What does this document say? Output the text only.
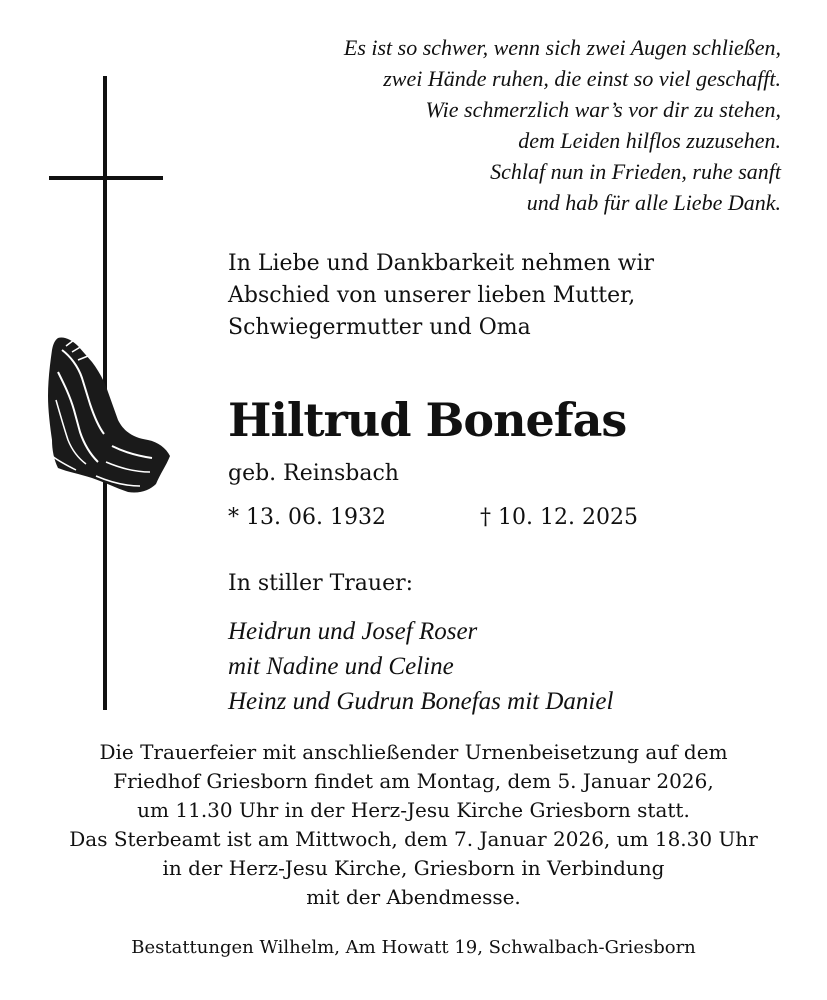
Es ist so schwer, wenn sich zwei Augen schließen,
zwei Hände ruhen, die einst so viel geschafft.
Wie schmerzlich war’s vor dir zu stehen,
dem Leiden hilflos zuzusehen.
Schlaf nun in Frieden, ruhe sanft
und hab für alle Liebe Dank.
In Liebe und Dankbarkeit nehmen wir
Abschied von unserer lieben Mutter,
Schwiegermutter und Oma
Hiltrud Bonefas
geb. Reinsbach
* 13. 06. 1932	† 10. 12. 2025
In stiller Trauer:
Heidrun und Josef Roser
mit Nadine und Celine
Heinz und Gudrun Bonefas mit Daniel
Die Trauerfeier mit anschließender Urnenbeisetzung auf dem
Friedhof Griesborn findet am Montag, dem 5. Januar 2026,
um 11.30 Uhr in der Herz-Jesu Kirche Griesborn statt.
Das Sterbeamt ist am Mittwoch, dem 7. Januar 2026, um 18.30 Uhr
in der Herz-Jesu Kirche, Griesborn in Verbindung
mit der Abendmesse.
Bestattungen Wilhelm, Am Howatt 19, Schwalbach-Griesborn
